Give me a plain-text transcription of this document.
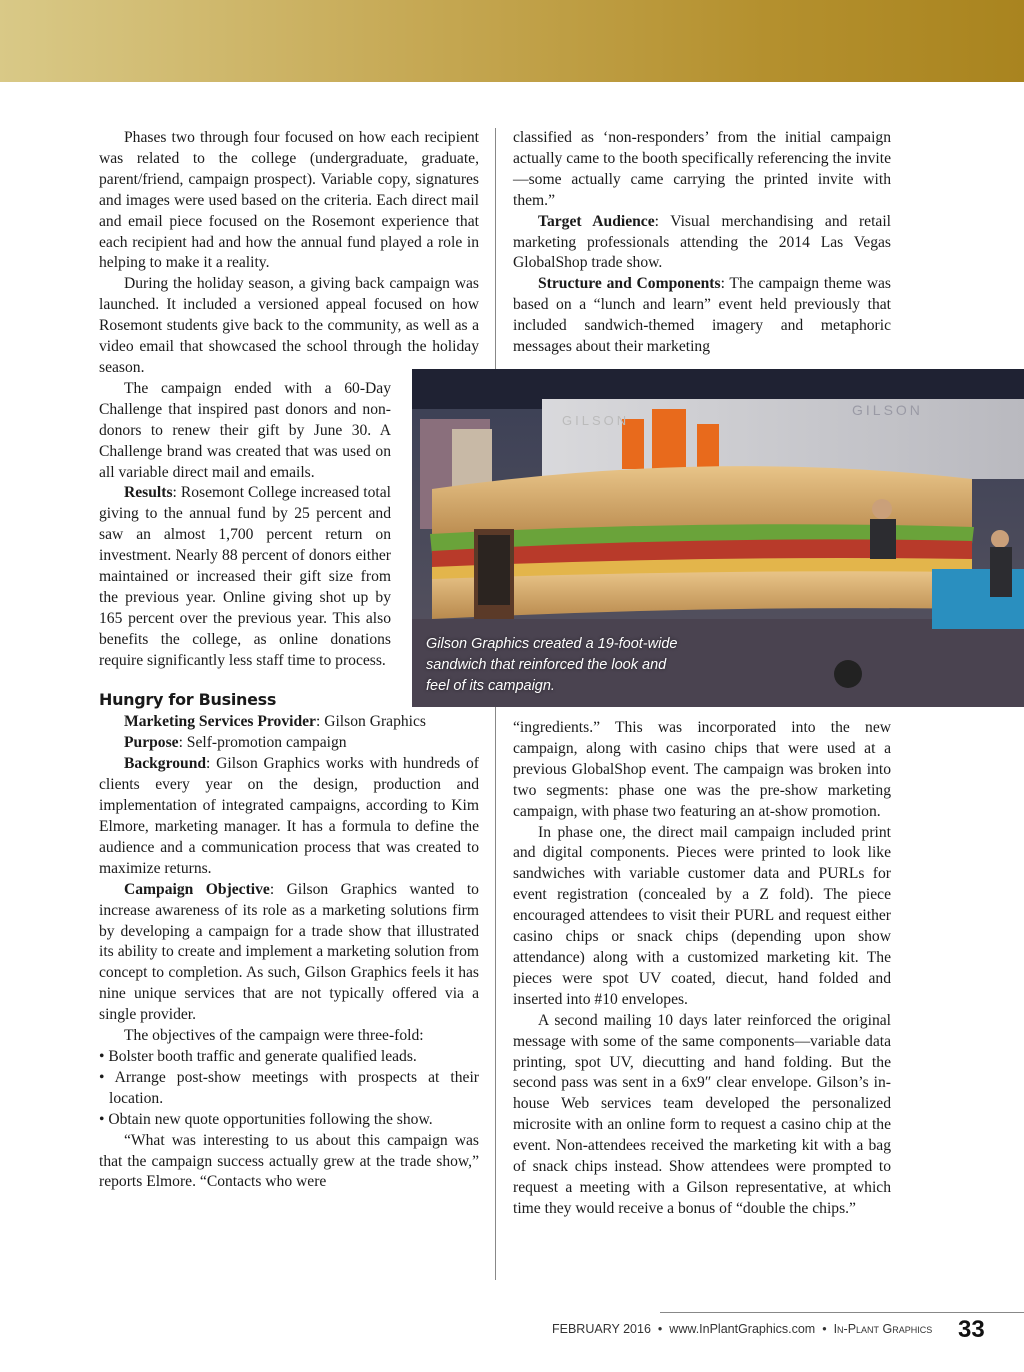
Phases two through four focused on how each recipient was related to the college (undergraduate, graduate, parent/friend, campaign prospect). Variable copy, signatures and images were used based on the criteria. Each direct mail and email piece focused on the Rosemont experience that each recipient had and how the annual fund played a role in helping to make it a reality.

During the holiday season, a giving back campaign was launched. It included a versioned appeal focused on how Rosemont students give back to the community, as well as a video email that showcased the school through the holiday season.

The campaign ended with a 60-Day Challenge that inspired past donors and non-donors to renew their gift by June 30. A Challenge brand was created that was used on all variable direct mail and emails.

Results: Rosemont College increased total giving to the annual fund by 25 percent and saw an almost 1,700 percent return on investment. Nearly 88 percent of donors either maintained or increased their gift size from the previous year. Online giving shot up by 165 percent over the previous year. This also benefits the college, as online donations require significantly less staff time to process.

Hungry for Business

Marketing Services Provider: Gilson Graphics

Purpose: Self-promotion campaign

Background: Gilson Graphics works with hundreds of clients every year on the design, production and implementation of integrated campaigns, according to Kim Elmore, marketing manager. It has a formula to define the audience and a communication process that was created to maximize returns.

Campaign Objective: Gilson Graphics wanted to increase awareness of its role as a marketing solutions firm by developing a campaign for a trade show that illustrated its ability to create and implement a marketing solution from concept to completion. As such, Gilson Graphics feels it has nine unique services that are not typically offered via a single provider.

The objectives of the campaign were three-fold:

• Bolster booth traffic and generate qualified leads.

• Arrange post-show meetings with prospects at their location.

• Obtain new quote opportunities following the show.

“What was interesting to us about this campaign was that the campaign success actually grew at the trade show,” reports Elmore. “Contacts who were

classified as ‘non-responders’ from the initial campaign actually came to the booth specifically referencing the invite—some actually came carrying the printed invite with them.”

Target Audience: Visual merchandising and retail marketing professionals attending the 2014 Las Vegas GlobalShop trade show.

Structure and Components: The campaign theme was based on a “lunch and learn” event held previously that included sandwich-themed imagery and metaphoric messages about their marketing

GILSON
GILSON
Gilson Graphics created a 19-foot-wide
sandwich that reinforced the look and
feel of its campaign.

“ingredients.” This was incorporated into the new campaign, along with casino chips that were used at a previous GlobalShop event. The campaign was broken into two segments: phase one was the pre-show marketing campaign, with phase two featuring an at-show promotion.

In phase one, the direct mail campaign included print and digital components. Pieces were printed to look like sandwiches with variable customer data and PURLs for event registration (concealed by a Z fold). The piece encouraged attendees to visit their PURL and request either casino chips or snack chips (depending upon show attendance) along with a customized marketing kit. The pieces were spot UV coated, diecut, hand folded and inserted into #10 envelopes.

A second mailing 10 days later reinforced the original message with some of the same components—variable data printing, spot UV, diecutting and hand folding. But the second pass was sent in a 6x9″ clear envelope. Gilson’s in-house Web services team developed the personalized microsite with an online form to request a casino chip at the event. Non-attendees received the marketing kit with a bag of snack chips instead. Show attendees were prompted to request a meeting with a Gilson representative, at which time they would receive a bonus of “double the chips.”

FEBRUARY 2016 • www.InPlantGraphics.com • In-Plant Graphics 33
